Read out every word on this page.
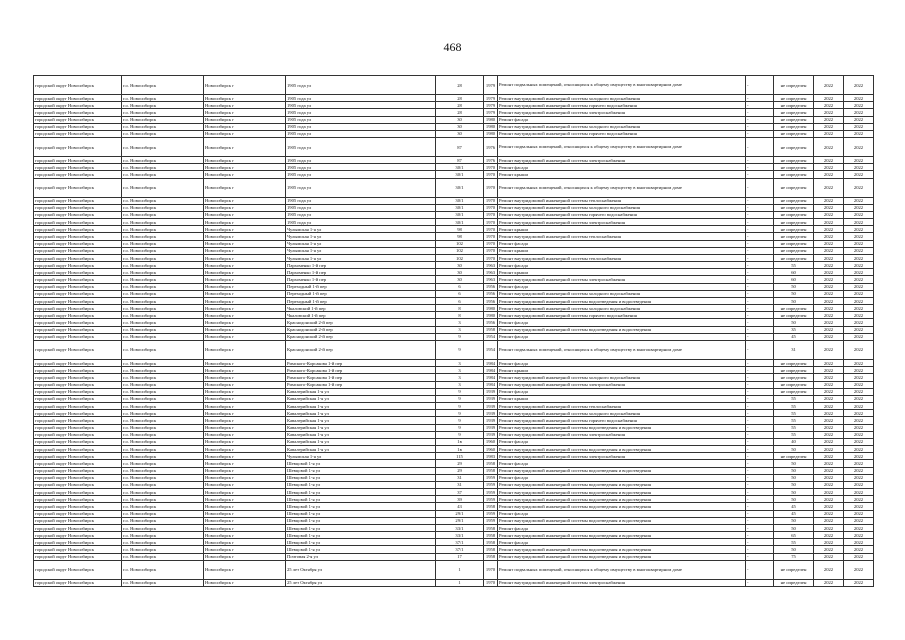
468
городской округ Новосибирск	г.о. Новосибирск	Новосибирск г	1905 года ул	28	1979	Ремонт подвальных помещений, относящихся к общему имуществу в многоквартирном доме	-	не определен	2022	2022
городской округ Новосибирск	г.о. Новосибирск	Новосибирск г	1905 года ул	28	1979	Ремонт внутридомовой инженерной системы холодного водоснабжения	-	не определен	2022	2022
городской округ Новосибирск	г.о. Новосибирск	Новосибирск г	1905 года ул	28	1979	Ремонт внутридомовой инженерной системы горячего водоснабжения	-	не определен	2022	2022
городской округ Новосибирск	г.о. Новосибирск	Новосибирск г	1905 года ул	28	1979	Ремонт внутридомовой инженерной системы электроснабжения	-	не определен	2022	2022
городской округ Новосибирск	г.о. Новосибирск	Новосибирск г	1905 года ул	30	1980	Ремонт фасада	-	не определен	2022	2022
городской округ Новосибирск	г.о. Новосибирск	Новосибирск г	1905 года ул	30	1980	Ремонт внутридомовой инженерной системы холодного водоснабжения	-	не определен	2022	2022
городской округ Новосибирск	г.о. Новосибирск	Новосибирск г	1905 года ул	30	1980	Ремонт внутридомовой инженерной системы горячего водоснабжения	-	не определен	2022	2022
городской округ Новосибирск	г.о. Новосибирск	Новосибирск г	1905 года ул	87	1976	Ремонт подвальных помещений, относящихся к общему имуществу в многоквартирном доме	-	не определен	2022	2022
городской округ Новосибирск	г.о. Новосибирск	Новосибирск г	1905 года ул	87	1976	Ремонт внутридомовой инженерной системы электроснабжения	-	не определен	2022	2022
городской округ Новосибирск	г.о. Новосибирск	Новосибирск г	1905 года ул	30/1	1970	Ремонт фасада	-	не определен	2022	2022
городской округ Новосибирск	г.о. Новосибирск	Новосибирск г	1905 года ул	30/1	1970	Ремонт крыши	-	не определен	2022	2022
городской округ Новосибирск	г.о. Новосибирск	Новосибирск г	1905 года ул	30/1	1970	Ремонт подвальных помещений, относящихся к общему имуществу в многоквартирном доме	-	не определен	2022	2022
городской округ Новосибирск	г.о. Новосибирск	Новосибирск г	1905 года ул	30/1	1970	Ремонт внутридомовой инженерной системы теплоснабжения	-	не определен	2022	2022
городской округ Новосибирск	г.о. Новосибирск	Новосибирск г	1905 года ул	30/1	1970	Ремонт внутридомовой инженерной системы холодного водоснабжения	-	не определен	2022	2022
городской округ Новосибирск	г.о. Новосибирск	Новосибирск г	1905 года ул	30/1	1970	Ремонт внутридомовой инженерной системы горячего водоснабжения	-	не определен	2022	2022
городской округ Новосибирск	г.о. Новосибирск	Новосибирск г	1905 года ул	30/1	1970	Ремонт внутридомовой инженерной системы электроснабжения	-	не определен	2022	2022
городской округ Новосибирск	г.о. Новосибирск	Новосибирск г	Чулымская 1-я ул	98	1970	Ремонт крыши	-	не определен	2022	2022
городской округ Новосибирск	г.о. Новосибирск	Новосибирск г	Чулымская 1-я ул	98	1970	Ремонт внутридомовой инженерной системы теплоснабжения	-	не определен	2022	2022
городской округ Новосибирск	г.о. Новосибирск	Новосибирск г	Чулымская 1-я ул	102	1970	Ремонт фасада	-	не определен	2022	2022
городской округ Новосибирск	г.о. Новосибирск	Новосибирск г	Чулымская 1-я ул	102	1970	Ремонт крыши	-	не определен	2022	2022
городской округ Новосибирск	г.о. Новосибирск	Новосибирск г	Чулымская 1-я ул	102	1970	Ремонт внутридомовой инженерной системы теплоснабжения	-	не определен	2022	2022
городской округ Новосибирск	г.о. Новосибирск	Новосибирск г	Пархоменко 1-й пер	30	1963	Ремонт фасада	-	55	2022	2022
городской округ Новосибирск	г.о. Новосибирск	Новосибирск г	Пархоменко 1-й пер	30	1963	Ремонт крыши	-	60	2022	2022
городской округ Новосибирск	г.о. Новосибирск	Новосибирск г	Пархоменко 1-й пер	30	1963	Ремонт внутридомовой инженерной системы электроснабжения	-	60	2022	2022
городской округ Новосибирск	г.о. Новосибирск	Новосибирск г	Переходный 1-й пер	6	1956	Ремонт фасада	-	50	2022	2022
городской округ Новосибирск	г.о. Новосибирск	Новосибирск г	Переходный 1-й пер	6	1956	Ремонт внутридомовой инженерной системы холодного водоснабжения	-	50	2022	2022
городской округ Новосибирск	г.о. Новосибирск	Новосибирск г	Переходный 1-й пер	6	1956	Ремонт внутридомовой инженерной системы водоотведения и водоотведения	-	50	2022	2022
городской округ Новосибирск	г.о. Новосибирск	Новосибирск г	Чкаловский 1-й пер	8	1980	Ремонт внутридомовой инженерной системы холодного водоснабжения	-	не определен	2022	2022
городской округ Новосибирск	г.о. Новосибирск	Новосибирск г	Чкаловский 1-й пер	8	1980	Ремонт внутридомовой инженерной системы горячего водоснабжения	-	не определен	2022	2022
городской округ Новосибирск	г.о. Новосибирск	Новосибирск г	Краснодонский 2-й пер	3	1956	Ремонт фасада	-	50	2022	2022
городской округ Новосибирск	г.о. Новосибирск	Новосибирск г	Краснодонский 2-й пер	3	1958	Ремонт внутридомовой инженерной системы водоотведения и водоотведения	-	35	2022	2022
городской округ Новосибирск	г.о. Новосибирск	Новосибирск г	Краснодонский 2-й пер	9	1954	Ремонт фасада	-	45	2022	2022
городской округ Новосибирск	г.о. Новосибирск	Новосибирск г	Краснодонский 2-й пер	9	1954	Ремонт подвальных помещений, относящихся к общему имуществу в многоквартирном доме	-	31	2022	2022
городской округ Новосибирск	г.о. Новосибирск	Новосибирск г	Римского-Корсакова 1-й пер	3	1984	Ремонт фасада	-	не определен	2022	2022
городской округ Новосибирск	г.о. Новосибирск	Новосибирск г	Римского-Корсакова 1-й пер	3	1984	Ремонт крыши	-	не определен	2022	2022
городской округ Новосибирск	г.о. Новосибирск	Новосибирск г	Римского-Корсакова 1-й пер	3	1984	Ремонт внутридомовой инженерной системы холодного водоснабжения	-	не определен	2022	2022
городской округ Новосибирск	г.о. Новосибирск	Новосибирск г	Римского-Корсакова 1-й пер	3	1984	Ремонт внутридомовой инженерной системы электроснабжения	-	не определен	2022	2022
городской округ Новосибирск	г.о. Новосибирск	Новосибирск г	Кавалерийская 1-я ул	9	1939	Ремонт фасада	-	не определен	2022	2022
городской округ Новосибирск	г.о. Новосибирск	Новосибирск г	Кавалерийская 1-я ул	9	1939	Ремонт крыши	-	55	2022	2022
городской округ Новосибирск	г.о. Новосибирск	Новосибирск г	Кавалерийская 1-я ул	9	1939	Ремонт внутридомовой инженерной системы теплоснабжения	-	55	2022	2022
городской округ Новосибирск	г.о. Новосибирск	Новосибирск г	Кавалерийская 1-я ул	9	1939	Ремонт внутридомовой инженерной системы холодного водоснабжения	-	55	2022	2022
городской округ Новосибирск	г.о. Новосибирск	Новосибирск г	Кавалерийская 1-я ул	9	1939	Ремонт внутридомовой инженерной системы горячего водоснабжения	-	55	2022	2022
городской округ Новосибирск	г.о. Новосибирск	Новосибирск г	Кавалерийская 1-я ул	9	1939	Ремонт внутридомовой инженерной системы водоотведения и водоотведения	-	55	2022	2022
городской округ Новосибирск	г.о. Новосибирск	Новосибирск г	Кавалерийская 1-я ул	9	1939	Ремонт внутридомовой инженерной системы электроснабжения	-	55	2022	2022
городской округ Новосибирск	г.о. Новосибирск	Новосибирск г	Кавалерийская 1-я ул	1в	1960	Ремонт фасада	-	40	2022	2022
городской округ Новосибирск	г.о. Новосибирск	Новосибирск г	Кавалерийская 1-я ул	1в	1960	Ремонт внутридомовой инженерной системы водоотведения и водоотведения	-	50	2022	2022
городской округ Новосибирск	г.о. Новосибирск	Новосибирск г	Чулымская 1-я ул	115	1983	Ремонт внутридомовой инженерной системы электроснабжения	-	не определен	2022	2022
городской округ Новосибирск	г.о. Новосибирск	Новосибирск г	Шевцовой 1-я ул	29	1958	Ремонт фасада	-	50	2022	2022
городской округ Новосибирск	г.о. Новосибирск	Новосибирск г	Шевцовой 1-я ул	29	1958	Ремонт внутридомовой инженерной системы водоотведения и водоотведения	-	50	2022	2022
городской округ Новосибирск	г.о. Новосибирск	Новосибирск г	Шевцовой 1-я ул	31	1959	Ремонт фасада	-	50	2022	2022
городской округ Новосибирск	г.о. Новосибирск	Новосибирск г	Шевцовой 1-я ул	31	1959	Ремонт внутридомовой инженерной системы водоотведения и водоотведения	-	50	2022	2022
городской округ Новосибирск	г.о. Новосибирск	Новосибирск г	Шевцовой 1-я ул	37	1959	Ремонт внутридомовой инженерной системы водоотведения и водоотведения	-	50	2022	2022
городской округ Новосибирск	г.о. Новосибирск	Новосибирск г	Шевцовой 1-я ул	39	1959	Ремонт внутридомовой инженерной системы водоотведения и водоотведения	-	50	2022	2022
городской округ Новосибирск	г.о. Новосибирск	Новосибирск г	Шевцовой 1-я ул	43	1958	Ремонт внутридомовой инженерной системы водоотведения и водоотведения	-	45	2022	2022
городской округ Новосибирск	г.о. Новосибирск	Новосибирск г	Шевцовой 1-я ул	29/1	1959	Ремонт фасада	-	45	2022	2022
городской округ Новосибирск	г.о. Новосибирск	Новосибирск г	Шевцовой 1-я ул	29/1	1959	Ремонт внутридомовой инженерной системы водоотведения и водоотведения	-	50	2022	2022
городской округ Новосибирск	г.о. Новосибирск	Новосибирск г	Шевцовой 1-я ул	33/1	1958	Ремонт фасада	-	50	2022	2022
городской округ Новосибирск	г.о. Новосибирск	Новосибирск г	Шевцовой 1-я ул	33/1	1958	Ремонт внутридомовой инженерной системы водоотведения и водоотведения	-	65	2022	2022
городской округ Новосибирск	г.о. Новосибирск	Новосибирск г	Шевцовой 1-я ул	37/1	1958	Ремонт фасада	-	55	2022	2022
городской округ Новосибирск	г.о. Новосибирск	Новосибирск г	Шевцовой 1-я ул	37/1	1958	Ремонт внутридомовой инженерной системы водоотведения и водоотведения	-	50	2022	2022
городской округ Новосибирск	г.о. Новосибирск	Новосибирск г	Почтовая 2-я ул	17	1958	Ремонт внутридомовой инженерной системы водоотведения и водоотведения	-	75	2022	2022
городской округ Новосибирск	г.о. Новосибирск	Новосибирск г	25 лет Октября ул	1	1970	Ремонт подвальных помещений, относящихся к общему имуществу в многоквартирном доме	-	не определен	2022	2022
городской округ Новосибирск	г.о. Новосибирск	Новосибирск г	25 лет Октября ул	1	1970	Ремонт внутридомовой инженерной системы электроснабжения	-	не определен	2022	2022
